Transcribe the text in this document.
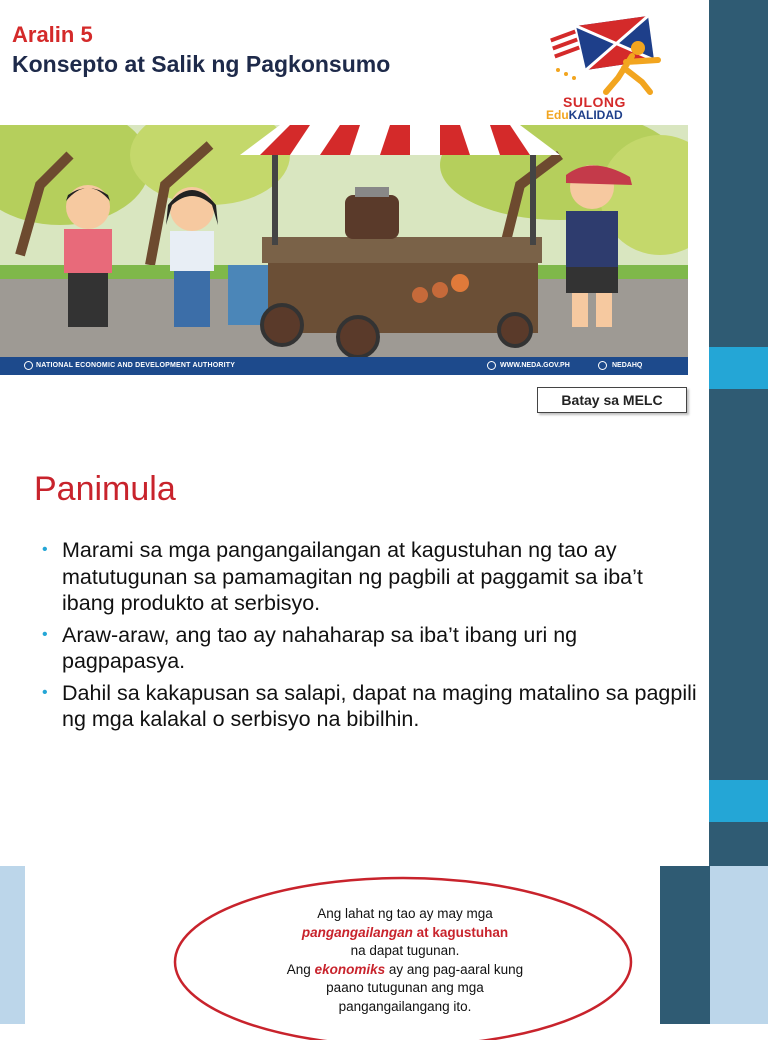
Aralin 5
Konsepto at Salik ng Pagkonsumo
SULONG
EduKALIDAD
NATIONAL ECONOMIC AND DEVELOPMENT AUTHORITY	WWW.NEDA.GOV.PH	NEDAHQ
Batay sa MELC
Panimula
• Marami sa mga pangangailangan at kagustuhan ng tao ay matutugunan sa pamamagitan ng pagbili at paggamit sa iba’t ibang produkto at serbisyo.
• Araw-araw, ang tao ay nahaharap sa iba’t ibang uri ng pagpapasya.
• Dahil sa kakapusan sa salapi, dapat na maging matalino sa pagpili ng mga kalakal o serbisyo na bibilhin.
Ang lahat ng tao ay may mga
pangangailangan at kagustuhan
na dapat tugunan.
Ang ekonomiks ay ang pag-aaral kung
paano tutugunan ang mga
pangangailangang ito.
